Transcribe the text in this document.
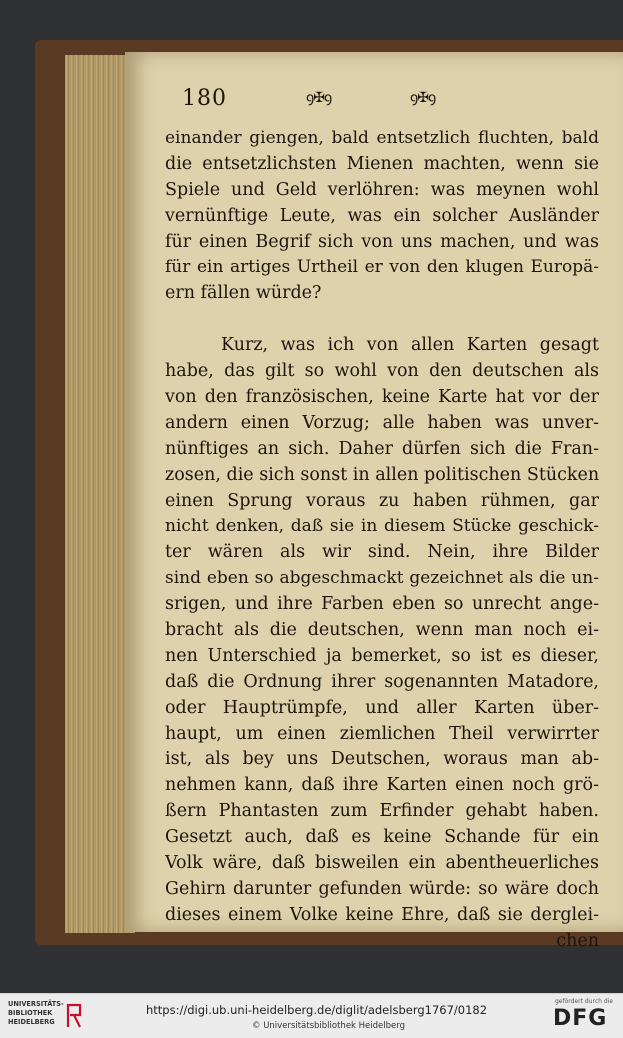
180	ꝯ✠ꝯ	ꝯ✠ꝯ
einander giengen, bald entsetzlich fluchten, bald
die entsetzlichsten Mienen machten, wenn sie
Spiele und Geld verlöhren: was meynen wohl
vernünftige Leute, was ein solcher Ausländer
für einen Begrif sich von uns machen, und was
für ein artiges Urtheil er von den klugen Europä-
ern fällen würde?
Kurz, was ich von allen Karten gesagt
habe, das gilt so wohl von den deutschen als
von den französischen, keine Karte hat vor der
andern einen Vorzug; alle haben was unver-
nünftiges an sich. Daher dürfen sich die Fran-
zosen, die sich sonst in allen politischen Stücken
einen Sprung voraus zu haben rühmen, gar
nicht denken, daß sie in diesem Stücke geschick-
ter wären als wir sind. Nein, ihre Bilder
sind eben so abgeschmackt gezeichnet als die un-
srigen, und ihre Farben eben so unrecht ange-
bracht als die deutschen, wenn man noch ei-
nen Unterschied ja bemerket, so ist es dieser,
daß die Ordnung ihrer sogenannten Matadore,
oder Hauptrümpfe, und aller Karten über-
haupt, um einen ziemlichen Theil verwirrter
ist, als bey uns Deutschen, woraus man ab-
nehmen kann, daß ihre Karten einen noch grö-
ßern Phantasten zum Erfinder gehabt haben.
Gesetzt auch, daß es keine Schande für ein
Volk wäre, daß bisweilen ein abentheuerliches
Gehirn darunter gefunden würde: so wäre doch
dieses einem Volke keine Ehre, daß sie derglei-
chen
UNIVERSITÄTS-
BIBLIOTHEK
HEIDELBERG
https://digi.ub.uni-heidelberg.de/diglit/adelsberg1767/0182
© Universitätsbibliothek Heidelberg
gefördert durch die
DFG
